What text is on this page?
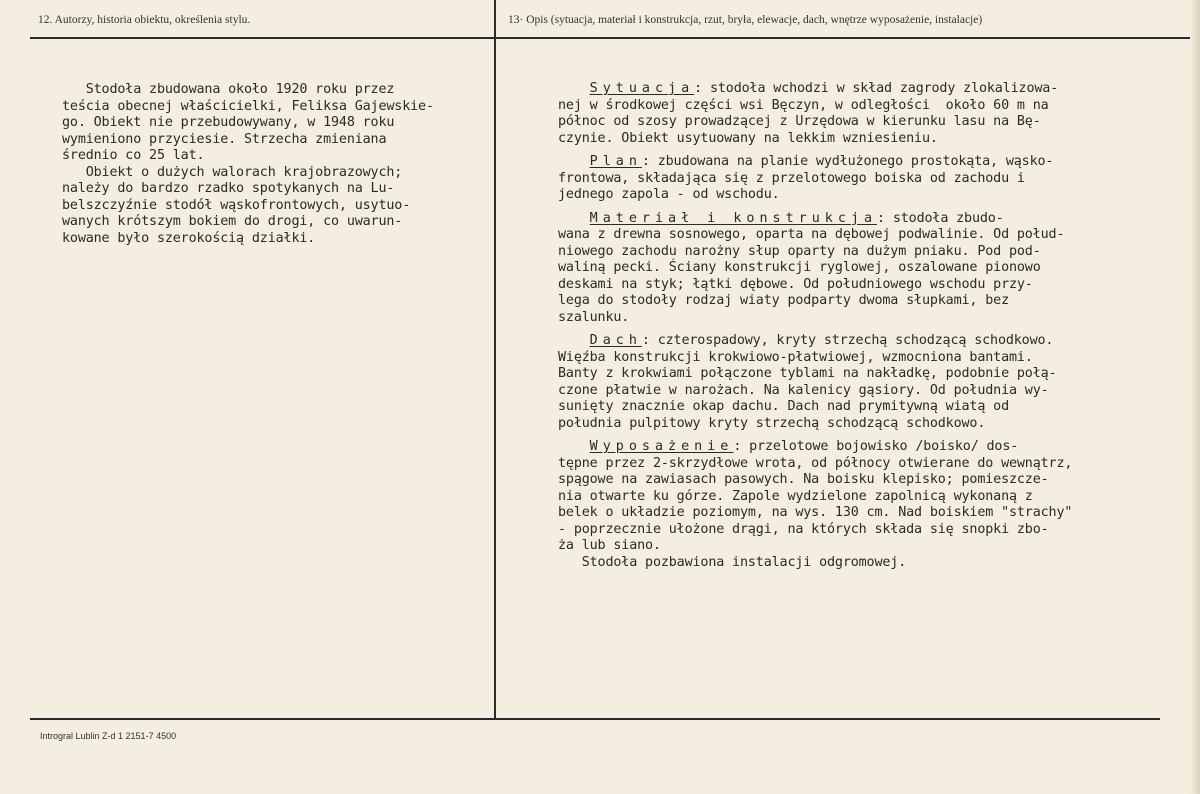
12. Autorzy, historia obiektu, określenia stylu.	13· Opis (sytuacja, materiał i konstrukcja, rzut, bryła, elewacje, dach, wnętrze wyposażenie, instalacje)
Stodoła zbudowana około 1920 roku przez
teścia obecnej właścicielki, Feliksa Gajewskie-
go. Obiekt nie przebudowywany, w 1948 roku
wymieniono przyciesie. Strzecha zmieniana
średnio co 25 lat.
Obiekt o dużych walorach krajobrazowych;
należy do bardzo rzadko spotykanych na Lu-
belszczyźnie stodół wąskofrontowych, usytuo-
wanych krótszym bokiem do drogi, co uwarun-
kowane było szerokością działki.
Sytuacja: stodoła wchodzi w skład zagrody zlokalizowa-
nej w środkowej części wsi Bęczyn, w odległości  około 60 m na
północ od szosy prowadzącej z Urzędowa w kierunku lasu na Bę-
czynie. Obiekt usytuowany na lekkim wzniesieniu.
Plan: zbudowana na planie wydłużonego prostokąta, wąsko-
frontowa, składająca się z przelotowego boiska od zachodu i
jednego zapola - od wschodu.
Materiał i konstrukcja: stodoła zbudo-
wana z drewna sosnowego, oparta na dębowej podwalinie. Od połud-
niowego zachodu narożny słup oparty na dużym pniaku. Pod pod-
waliną pecki. Ściany konstrukcji ryglowej, oszalowane pionowo
deskami na styk; łątki dębowe. Od południowego wschodu przy-
lega do stodoły rodzaj wiaty podparty dwoma słupkami, bez
szalunku.
Dach: czterospadowy, kryty strzechą schodzącą schodkowo.
Więźba konstrukcji krokwiowo-płatwiowej, wzmocniona bantami.
Banty z krokwiami połączone tyblami na nakładkę, podobnie połą-
czone płatwie w narożach. Na kalenicy gąsiory. Od południa wy-
sunięty znacznie okap dachu. Dach nad prymitywną wiatą od
południa pulpitowy kryty strzechą schodzącą schodkowo.
Wyposażenie: przelotowe bojowisko /boisko/ dos-
tępne przez 2-skrzydłowe wrota, od północy otwierane do wewnątrz,
spągowe na zawiasach pasowych. Na boisku klepisko; pomieszcze-
nia otwarte ku górze. Zapole wydzielone zapolnicą wykonaną z
belek o układzie poziomym, na wys. 130 cm. Nad boiskiem "strachy"
- poprzecznie ułożone drągi, na których składa się snopki zbo-
ża lub siano.
Stodoła pozbawiona instalacji odgromowej.
Introgral Lublin Z-d 1 2151-7 4500
